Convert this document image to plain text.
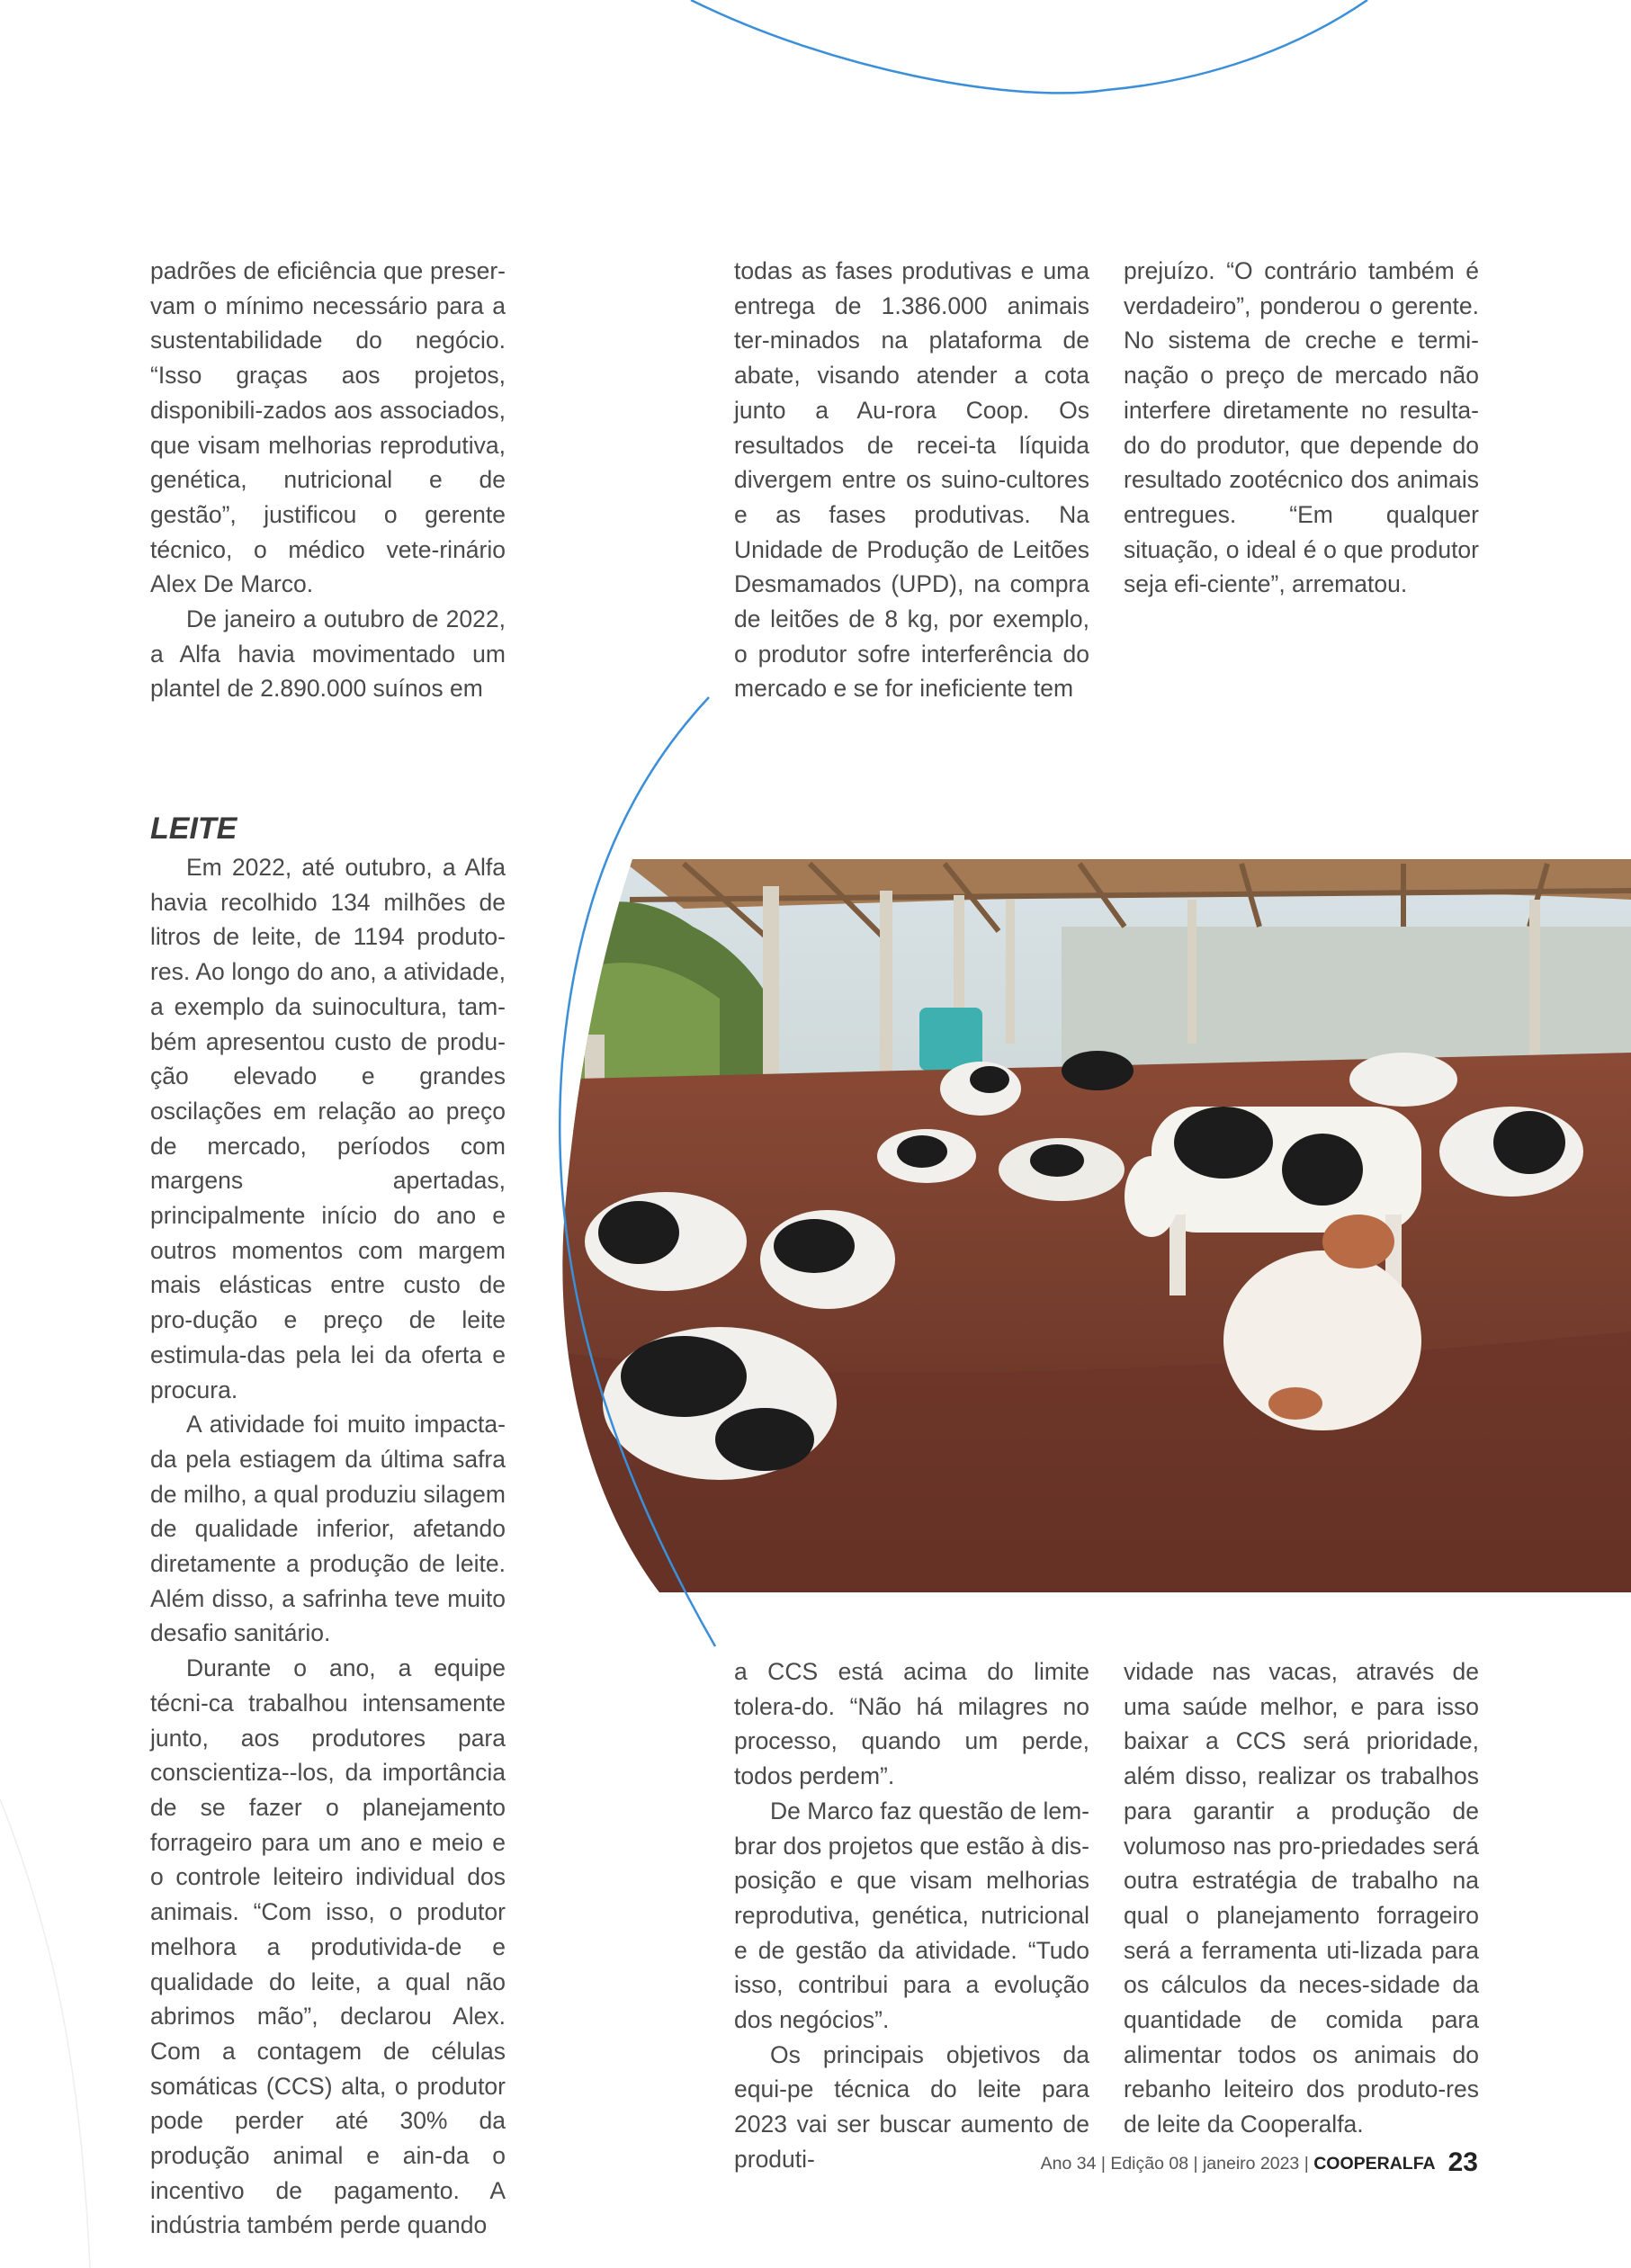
padrões de eficiência que preser-vam o mínimo necessário para a sustentabilidade do negócio. “Isso graças aos projetos, disponibili-zados aos associados, que visam melhorias reprodutiva, genética, nutricional e de gestão”, justificou o gerente técnico, o médico vete-rinário Alex De Marco.

De janeiro a outubro de 2022, a Alfa havia movimentado um plantel de 2.890.000 suínos em

todas as fases produtivas e uma entrega de 1.386.000 animais ter-minados na plataforma de abate, visando atender a cota junto a Au-rora Coop. Os resultados de recei-ta líquida divergem entre os suino-cultores e as fases produtivas. Na Unidade de Produção de Leitões Desmamados (UPD), na compra de leitões de 8 kg, por exemplo, o produtor sofre interferência do mercado e se for ineficiente tem

prejuízo. “O contrário também é verdadeiro”, ponderou o gerente. No sistema de creche e termi-nação o preço de mercado não interfere diretamente no resulta-do do produtor, que depende do resultado zootécnico dos animais entregues. “Em qualquer situação, o ideal é o que produtor seja efi-ciente”, arrematou.

LEITE

Em 2022, até outubro, a Alfa havia recolhido 134 milhões de litros de leite, de 1194 produto-res. Ao longo do ano, a atividade, a exemplo da suinocultura, tam-bém apresentou custo de produ-ção elevado e grandes oscilações em relação ao preço de mercado, períodos com margens apertadas, principalmente início do ano e outros momentos com margem mais elásticas entre custo de pro-dução e preço de leite estimula-das pela lei da oferta e procura.

A atividade foi muito impacta-da pela estiagem da última safra de milho, a qual produziu silagem de qualidade inferior, afetando diretamente a produção de leite. Além disso, a safrinha teve muito desafio sanitário.

Durante o ano, a equipe técni-ca trabalhou intensamente junto, aos produtores para conscientiza--los, da importância de se fazer o planejamento forrageiro para um ano e meio e o controle leiteiro individual dos animais. “Com isso, o produtor melhora a produtivida-de e qualidade do leite, a qual não abrimos mão”, declarou Alex. Com a contagem de células somáticas (CCS) alta, o produtor pode perder até 30% da produção animal e ain-da o incentivo de pagamento. A indústria também perde quando

a CCS está acima do limite tolera-do. “Não há milagres no processo, quando um perde, todos perdem”.

De Marco faz questão de lem-brar dos projetos que estão à dis-posição e que visam melhorias reprodutiva, genética, nutricional e de gestão da atividade. “Tudo isso, contribui para a evolução dos negócios”.

Os principais objetivos da equi-pe técnica do leite para 2023 vai ser buscar aumento de produti-

vidade nas vacas, através de uma saúde melhor, e para isso baixar a CCS será prioridade, além disso, realizar os trabalhos para garantir a produção de volumoso nas pro-priedades será outra estratégia de trabalho na qual o planejamento forrageiro será a ferramenta uti-lizada para os cálculos da neces-sidade da quantidade de comida para alimentar todos os animais do rebanho leiteiro dos produto-res de leite da Cooperalfa.

Ano 34 | Edição 08 | janeiro 2023 | COOPERALFA 23
